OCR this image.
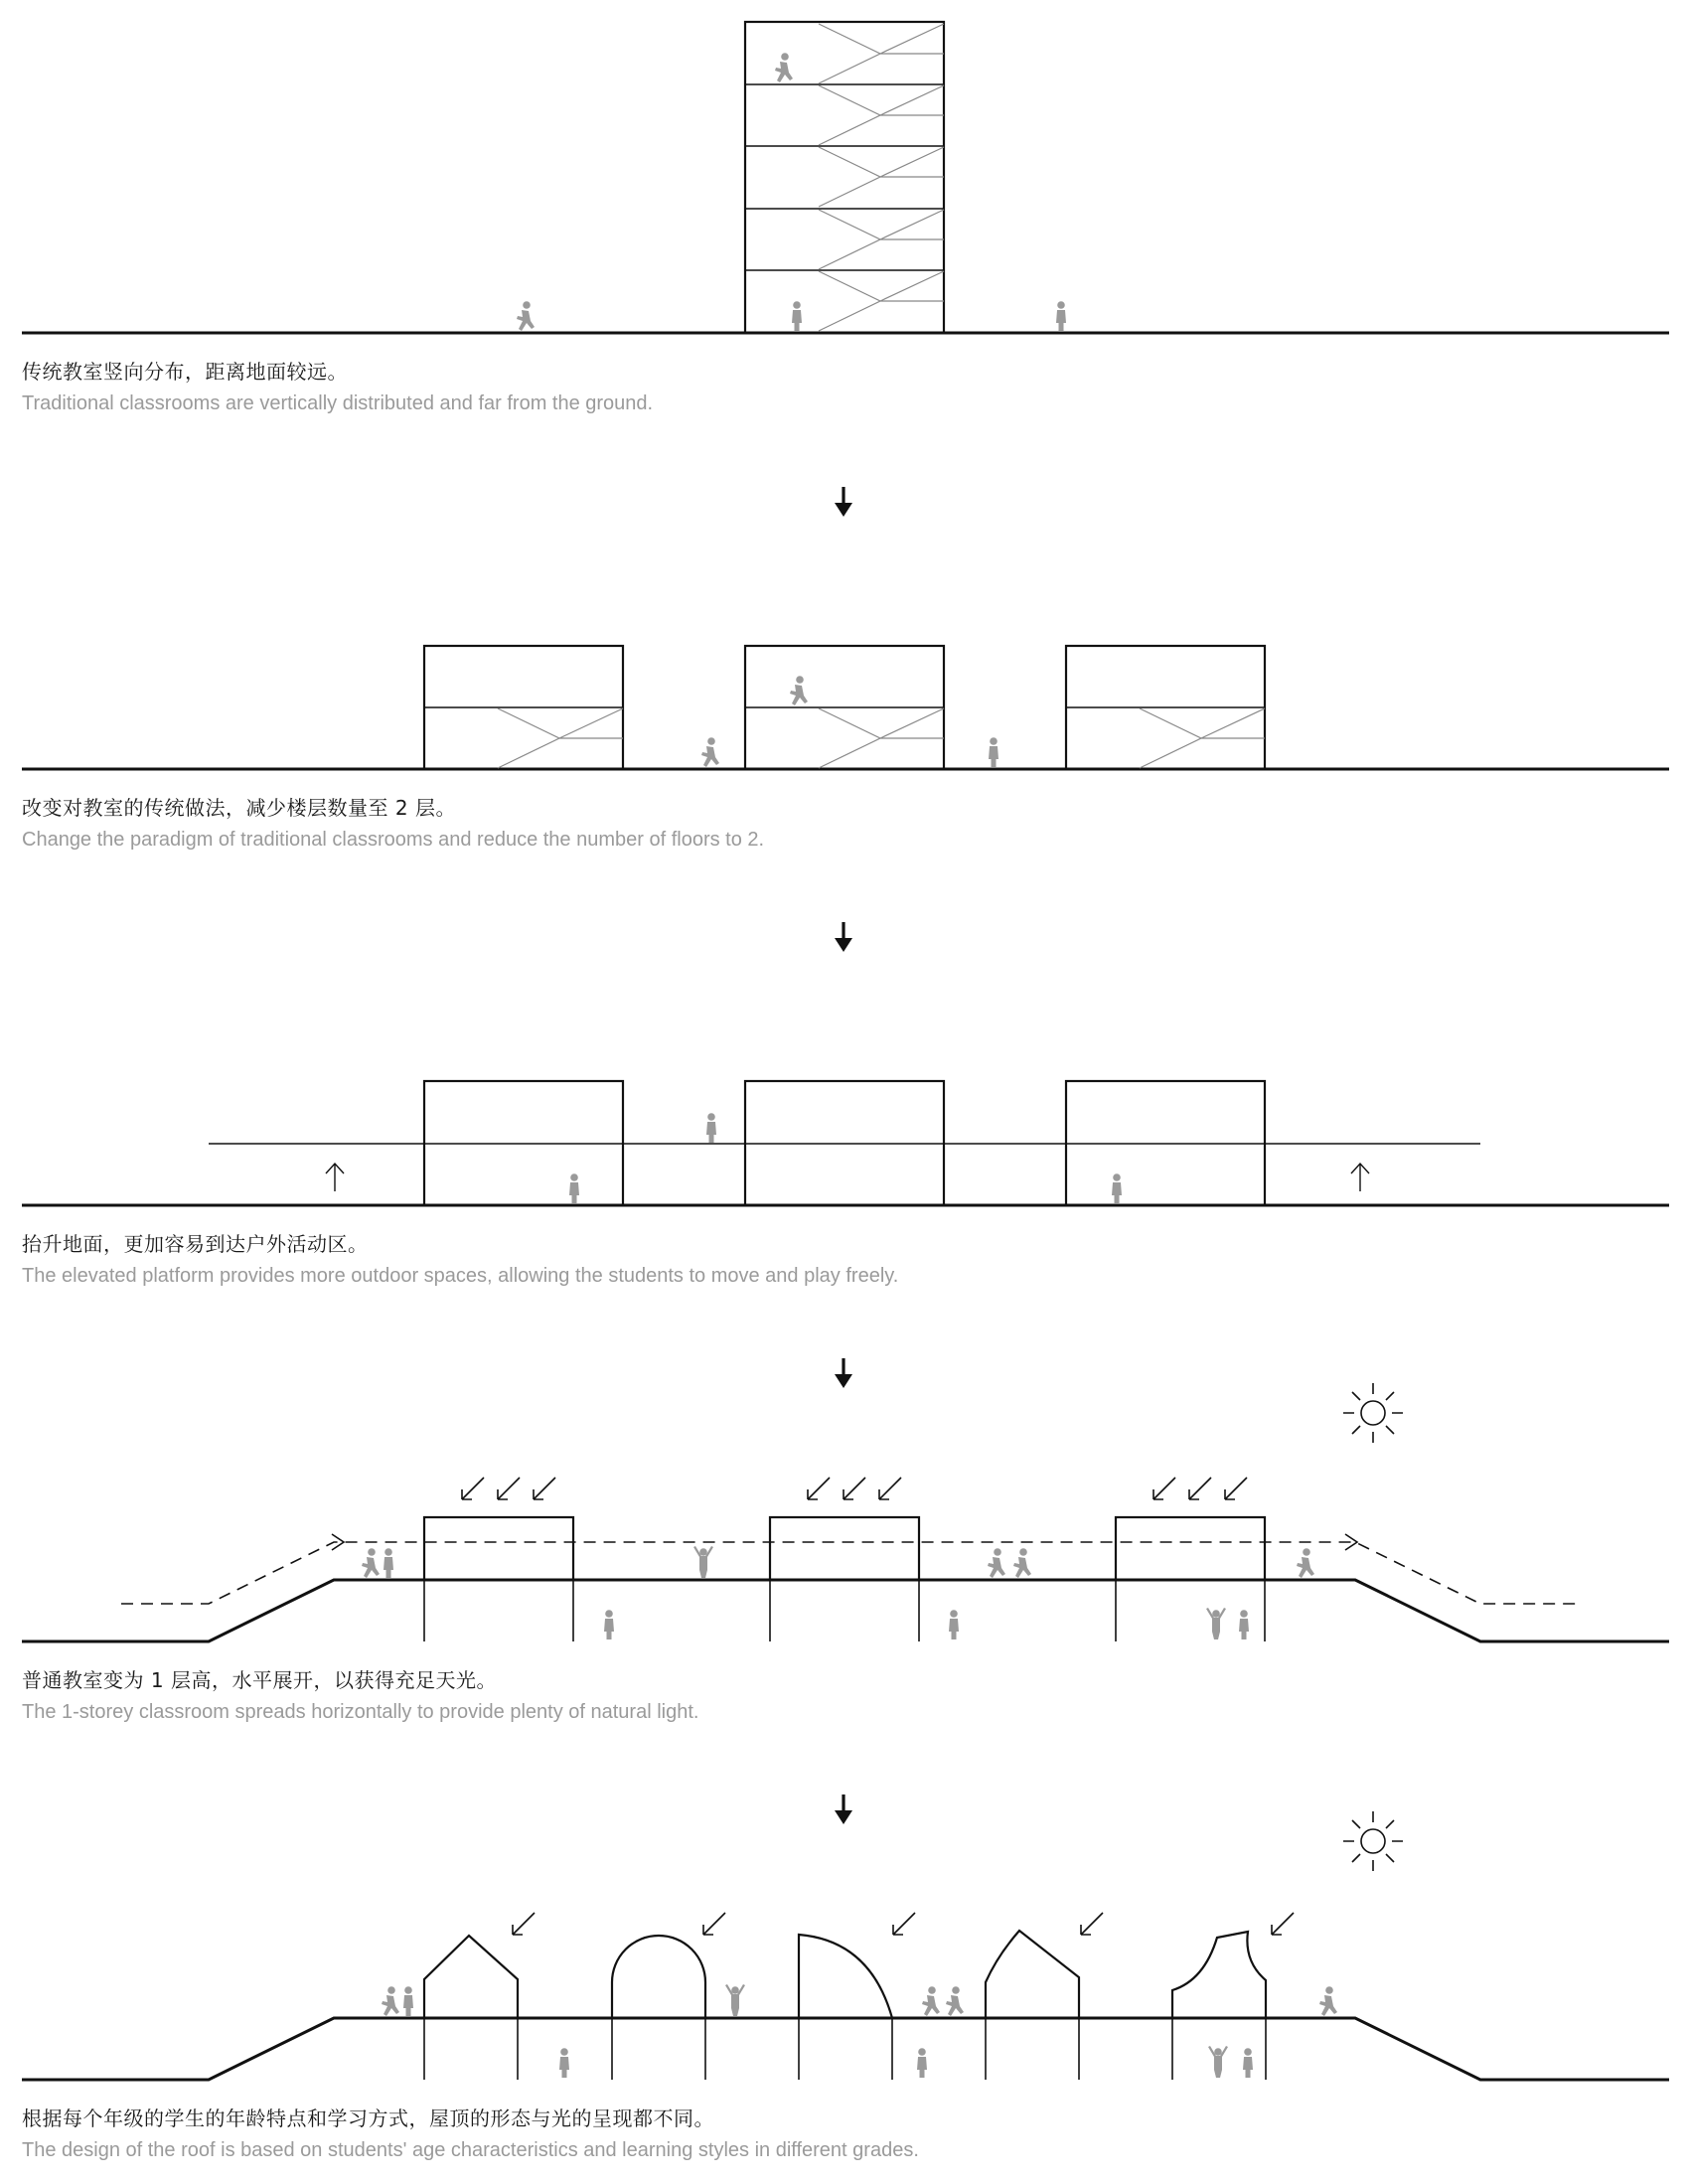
传统教室竖向分布，距离地面较远。

Traditional classrooms are vertically distributed and far from the ground.

改变对教室的传统做法，减少楼层数量至 2 层。

Change the paradigm of traditional classrooms and reduce the number of floors to 2.

抬升地面，更加容易到达户外活动区。

The elevated platform provides more outdoor spaces, allowing the students to move and play freely.

普通教室变为 1 层高，水平展开，以获得充足天光。

The 1-storey classroom spreads horizontally to provide plenty of natural light.

根据每个年级的学生的年龄特点和学习方式，屋顶的形态与光的呈现都不同。

The design of the roof is based on students' age characteristics and learning styles in different grades.
